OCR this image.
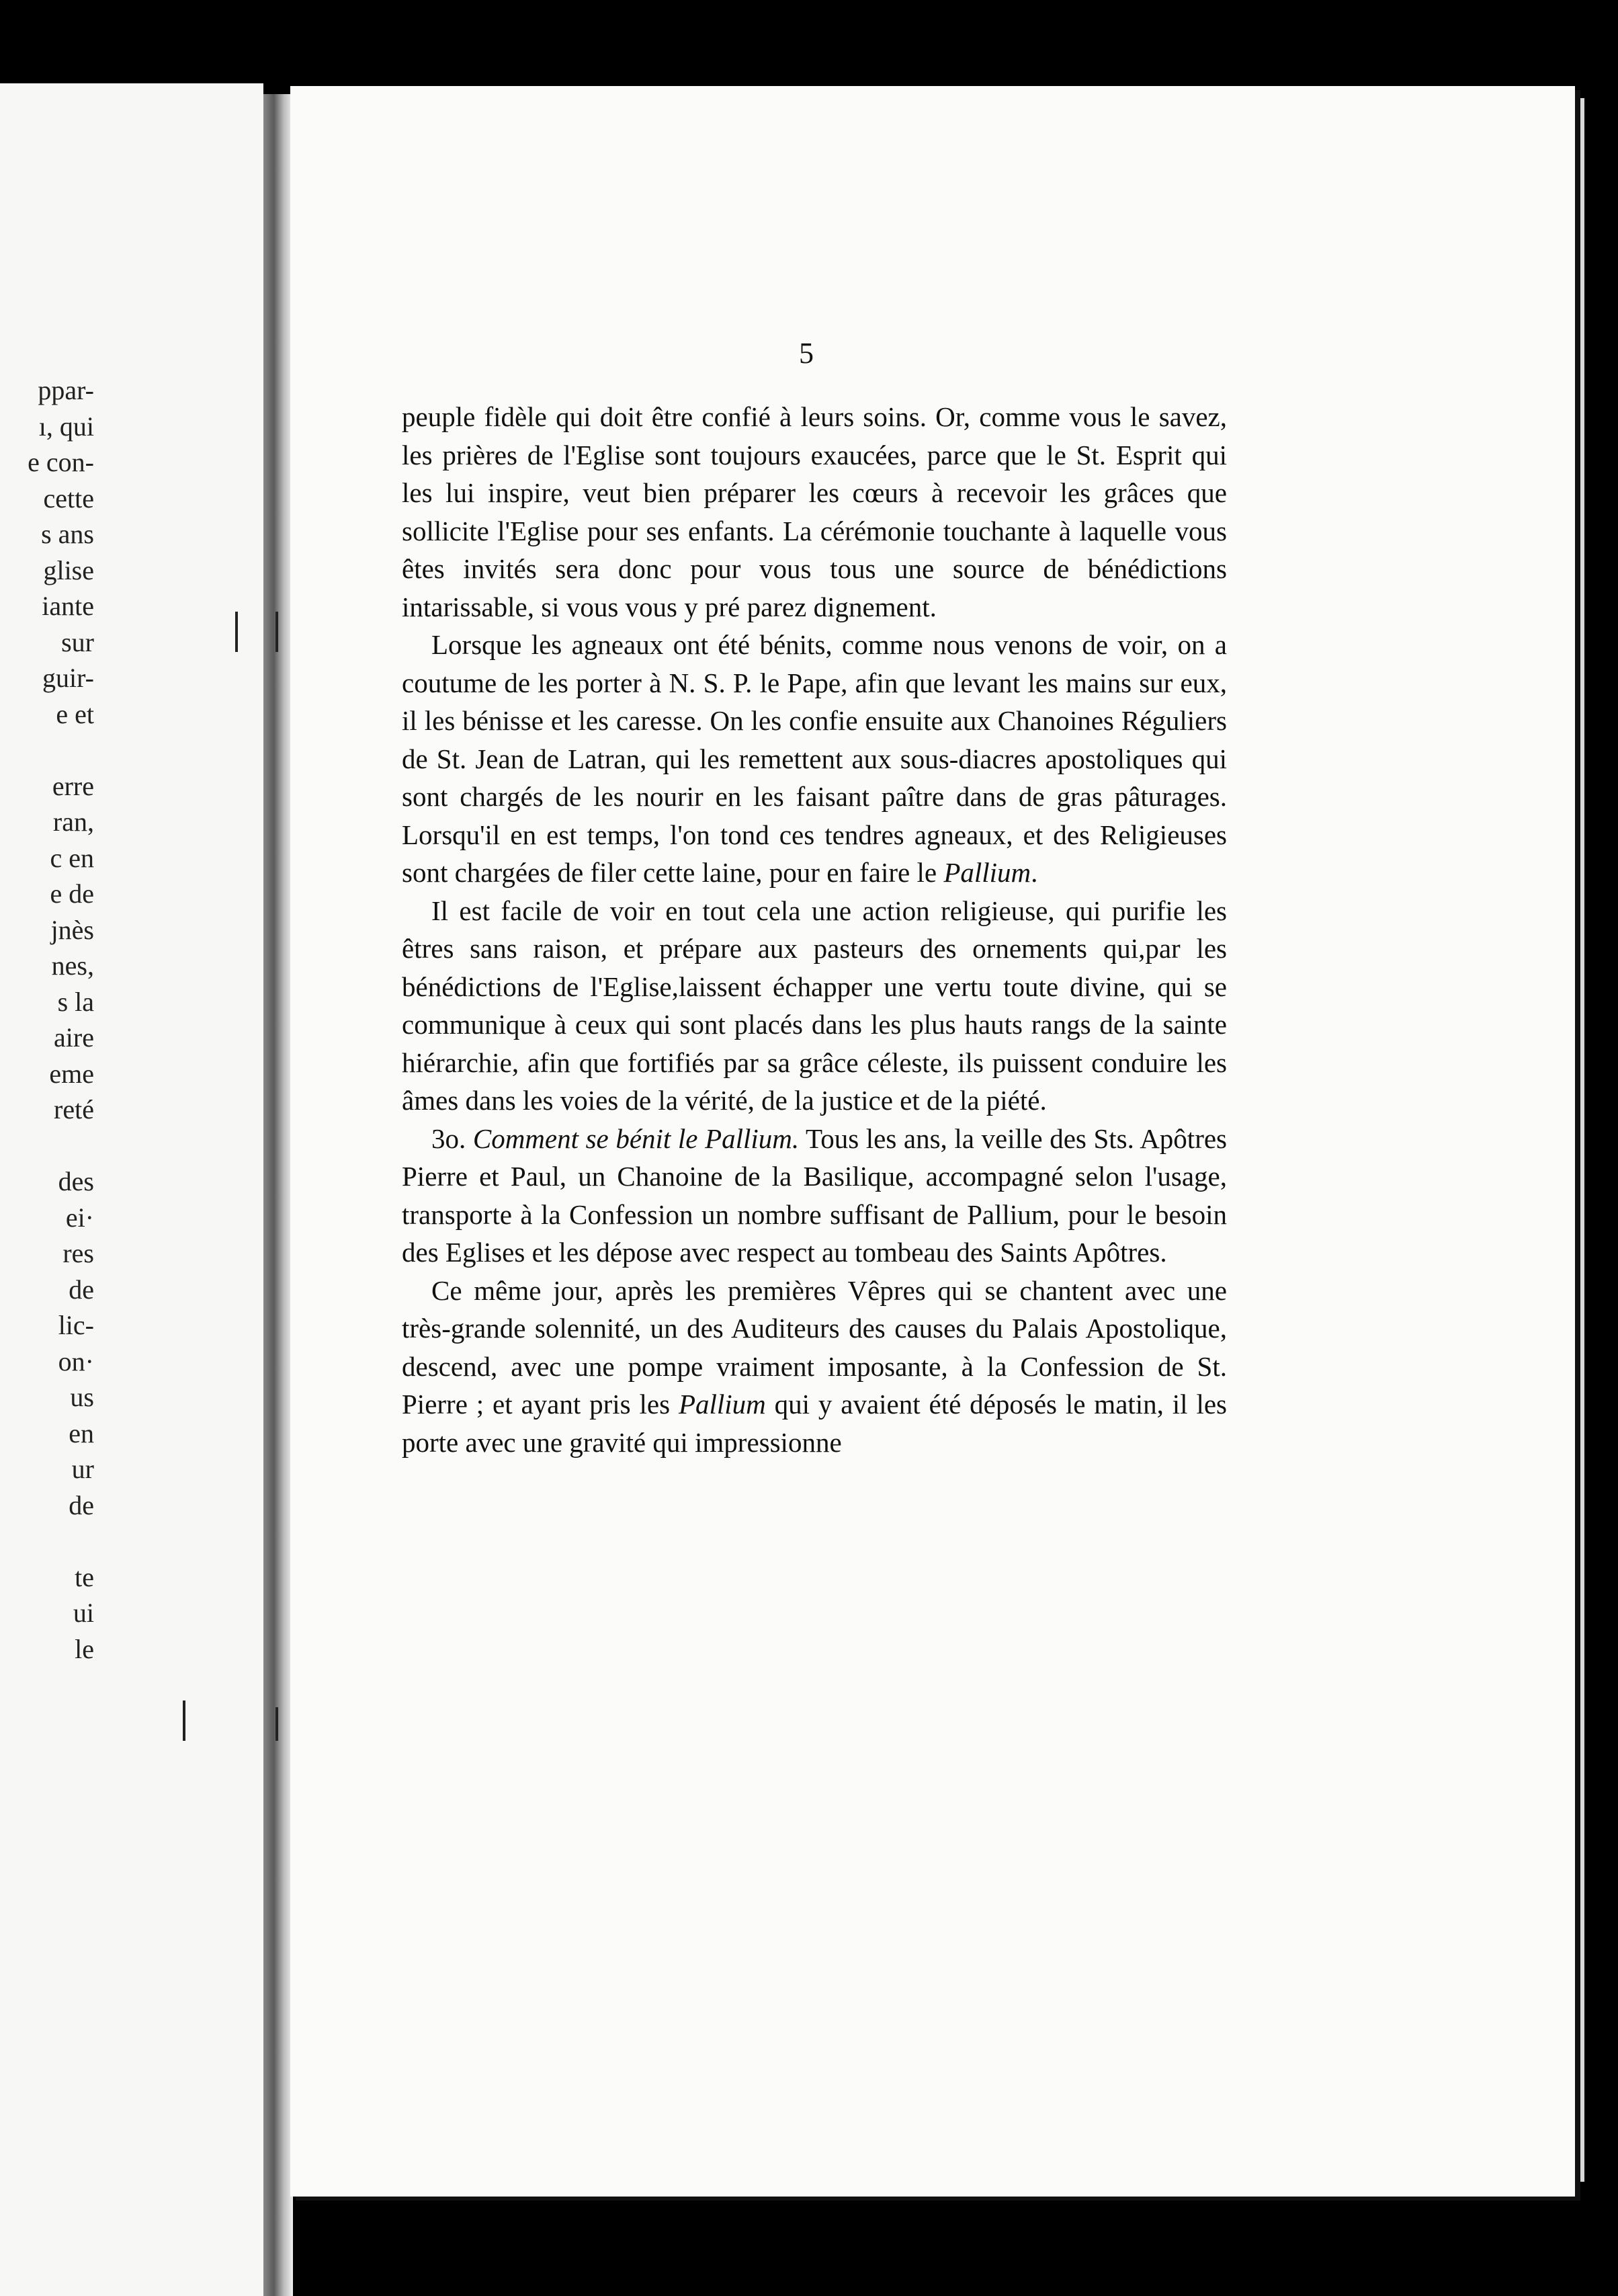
ppar-
ı, qui
e con-
cette
s ans
glise
iante
sur
guir-
e et

erre
ran,
c en
e de
jnès
nes,
s la
aire
eme
reté

des
ei·
res
de
lic-
on·
us
en
ur
de

te
ui
le
5

peuple fidèle qui doit être confié à leurs soins. Or, comme vous le savez, les prières de l'Eglise sont toujours exaucées, parce que le St. Esprit qui les lui inspire, veut bien préparer les cœurs à recevoir les grâces que sollicite l'Eglise pour ses enfants. La cérémonie touchante à laquelle vous êtes invités sera donc pour vous tous une source de bénédictions intarissable, si vous vous y pré parez dignement.

Lorsque les agneaux ont été bénits, comme nous venons de voir, on a coutume de les porter à N. S. P. le Pape, afin que levant les mains sur eux, il les bénisse et les caresse. On les confie ensuite aux Chanoines Réguliers de St. Jean de Latran, qui les remettent aux sous-diacres apostoliques qui sont chargés de les nourir en les faisant paître dans de gras pâturages. Lorsqu'il en est temps, l'on tond ces tendres agneaux, et des Religieuses sont chargées de filer cette laine, pour en faire le Pallium.

Il est facile de voir en tout cela une action religieuse, qui purifie les êtres sans raison, et prépare aux pasteurs des ornements qui,par les bénédictions de l'Eglise,laissent échapper une vertu toute divine, qui se communique à ceux qui sont placés dans les plus hauts rangs de la sainte hiérarchie, afin que fortifiés par sa grâce céleste, ils puissent conduire les âmes dans les voies de la vérité, de la justice et de la piété.

3o. Comment se bénit le Pallium. Tous les ans, la veille des Sts. Apôtres Pierre et Paul, un Chanoine de la Basilique, accompagné selon l'usage, transporte à la Confession un nombre suffisant de Pallium, pour le besoin des Eglises et les dépose avec respect au tombeau des Saints Apôtres.

Ce même jour, après les premières Vêpres qui se chantent avec une très-grande solennité, un des Auditeurs des causes du Palais Apostolique, descend, avec une pompe vraiment imposante, à la Confession de St. Pierre ; et ayant pris les Pallium qui y avaient été déposés le matin, il les porte avec une gravité qui impressionne
